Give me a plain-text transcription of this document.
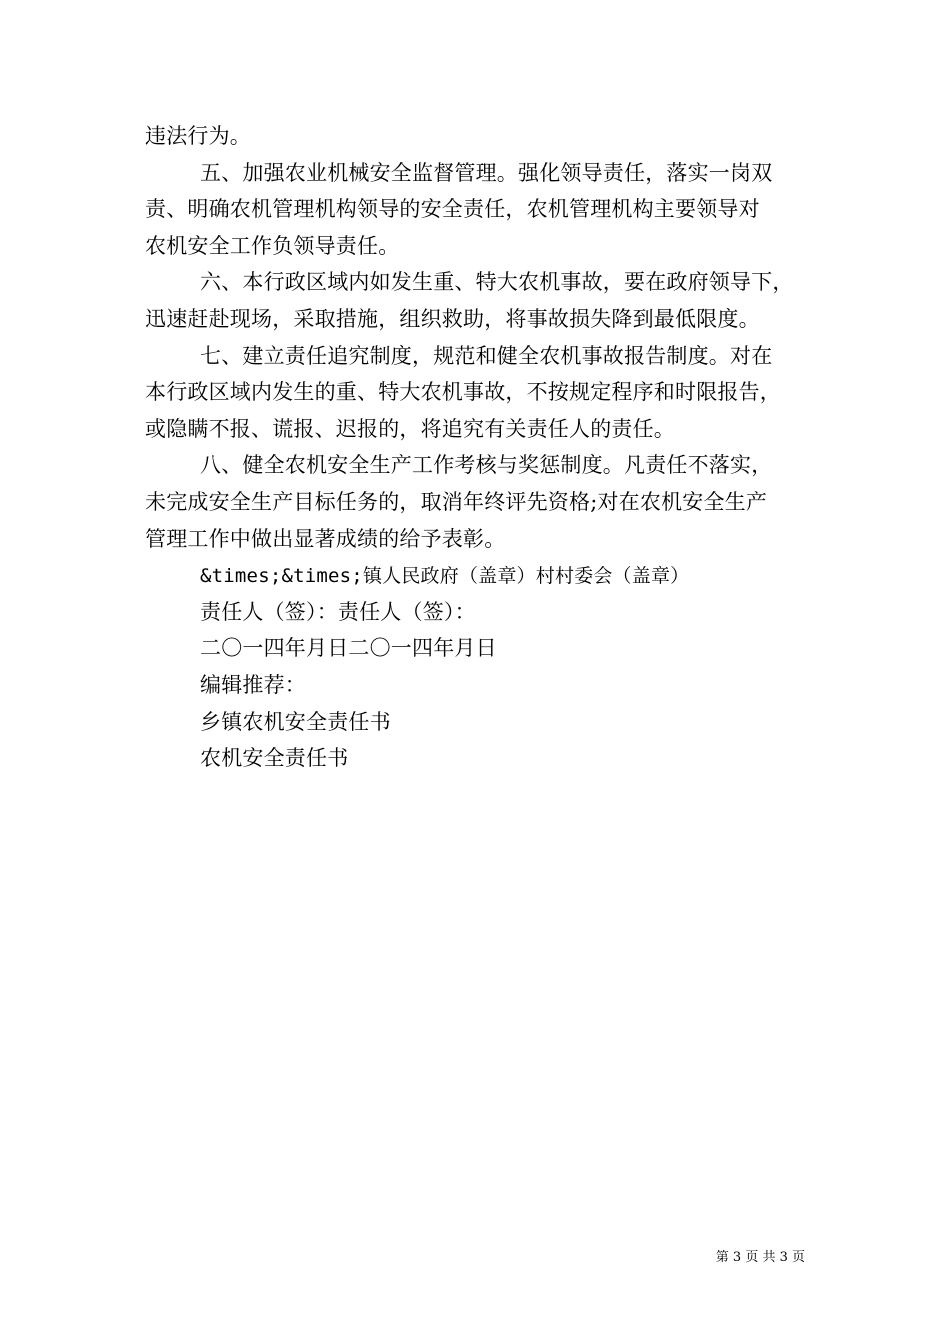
违法行为。
五、加强农业机械安全监督管理。强化领导责任，落实一岗双
责、明确农机管理机构领导的安全责任，农机管理机构主要领导对
农机安全工作负领导责任。
六、本行政区域内如发生重、特大农机事故，要在政府领导下，
迅速赶赴现场，采取措施，组织救助，将事故损失降到最低限度。
七、建立责任追究制度，规范和健全农机事故报告制度。对在
本行政区域内发生的重、特大农机事故，不按规定程序和时限报告，
或隐瞒不报、谎报、迟报的，将追究有关责任人的责任。
八、健全农机安全生产工作考核与奖惩制度。凡责任不落实，
未完成安全生产目标任务的，取消年终评先资格;对在农机安全生产
管理工作中做出显著成绩的给予表彰。
&times;&times;镇人民政府（盖章）村村委会（盖章）
责任人（签）：责任人（签）：
二〇一四年月日二〇一四年月日
编辑推荐：
乡镇农机安全责任书
农机安全责任书
第 3 页 共 3 页
